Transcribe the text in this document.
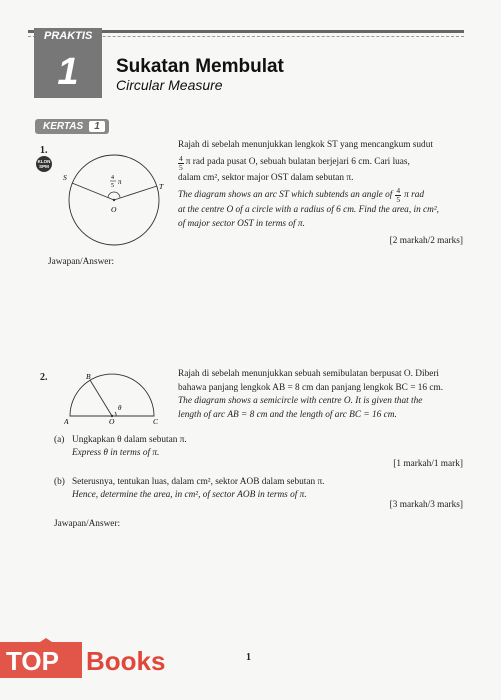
PRAKTIS
1	Sukatan Membulat
Circular Measure
KERTAS	1
1.
KLON SPM
S
T
O
4
5 π
Rajah di sebelah menunjukkan lengkok ST yang mencangkum sudut
$\frac{4}{5}$ π rad pada pusat O, sebuah bulatan berjejari 6 cm. Cari luas,
dalam cm², sektor major OST dalam sebutan π.
The diagram shows an arc ST which subtends an angle of $\frac{4}{5}$ π rad
at the centre O of a circle with a radius of 6 cm. Find the area, in cm²,
of major sector OST in terms of π.
[2 markah/2 marks]
Jawapan/Answer:
2.	B
A	O	C
θ
Rajah di sebelah menunjukkan sebuah semibulatan berpusat O. Diberi
bahawa panjang lengkok AB = 8 cm dan panjang lengkok BC = 16 cm.
The diagram shows a semicircle with centre O. It is given that the
length of arc AB = 8 cm and the length of arc BC = 16 cm.
(a) Ungkapkan θ dalam sebutan π.
Express θ in terms of π.
[1 markah/1 mark]
(b) Seterusnya, tentukan luas, dalam cm², sektor AOB dalam sebutan π.
Hence, determine the area, in cm², of sector AOB in terms of π.
[3 markah/3 marks]
Jawapan/Answer:
1
TOP Books
